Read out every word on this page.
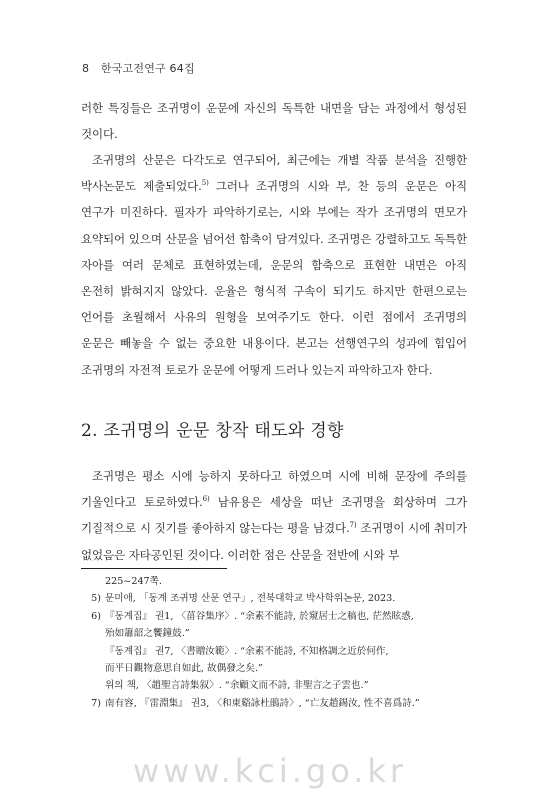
8 한국고전연구 64집

러한 특징들은 조귀명이 운문에 자신의 독특한 내면을 담는 과정에서 형성된 것이다.

조귀명의 산문은 다각도로 연구되어, 최근에는 개별 작품 분석을 진행한 박사논문도 제출되었다.$^{5)}$ 그러나 조귀명의 시와 부, 찬 등의 운문은 아직 연구가 미진하다. 필자가 파악하기로는, 시와 부에는 작가 조귀명의 면모가 요약되어 있으며 산문을 넘어선 함축이 담겨있다. 조귀명은 강렬하고도 독특한 자아를 여러 문체로 표현하였는데, 운문의 함축으로 표현한 내면은 아직 온전히 밝혀지지 않았다. 운율은 형식적 구속이 되기도 하지만 한편으로는 언어를 초월해서 사유의 원형을 보여주기도 한다. 이런 점에서 조귀명의 운문은 빼놓을 수 없는 중요한 내용이다. 본고는 선행연구의 성과에 힘입어 조귀명의 자전적 토로가 운문에 어떻게 드러나 있는지 파악하고자 한다.

2. 조귀명의 운문 창작 태도와 경향

조귀명은 평소 시에 능하지 못하다고 하였으며 시에 비해 문장에 주의를 기울인다고 토로하였다.$^{6)}$ 남유용은 세상을 떠난 조귀명을 회상하며 그가 기질적으로 시 짓기를 좋아하지 않는다는 평을 남겼다.$^{7)}$ 조귀명이 시에 취미가 없었음은 자타공인된 것이다. 이러한 점은 산문을 전반에 시와 부

225~247쪽.
5) 문미애, 「동계 조귀명 산문 연구」, 전북대학교 박사학위논문, 2023.
6) 『동계집』 권1, 〈菑谷集序〉. “余素不能詩, 於窺居士之稿也, 茫然眩惑, 殆如簫韶之饗鐘鼓.”
『동계집』 권7, 〈書贈汝範〉. “余素不能詩, 不知格調之近於何作, 而平日觀物意思自如此, 故偶發之矣.”
위의 책, 〈趙聖言詩集叙〉. “余顧文而不詩, 非聖言之子雲也.”
7) 南有容, 『雷淵集』 권3, 〈和東谿詠杜鵑詩〉, “亡友趙錫汝, 性不喜爲詩.”
www.kci.go.kr
